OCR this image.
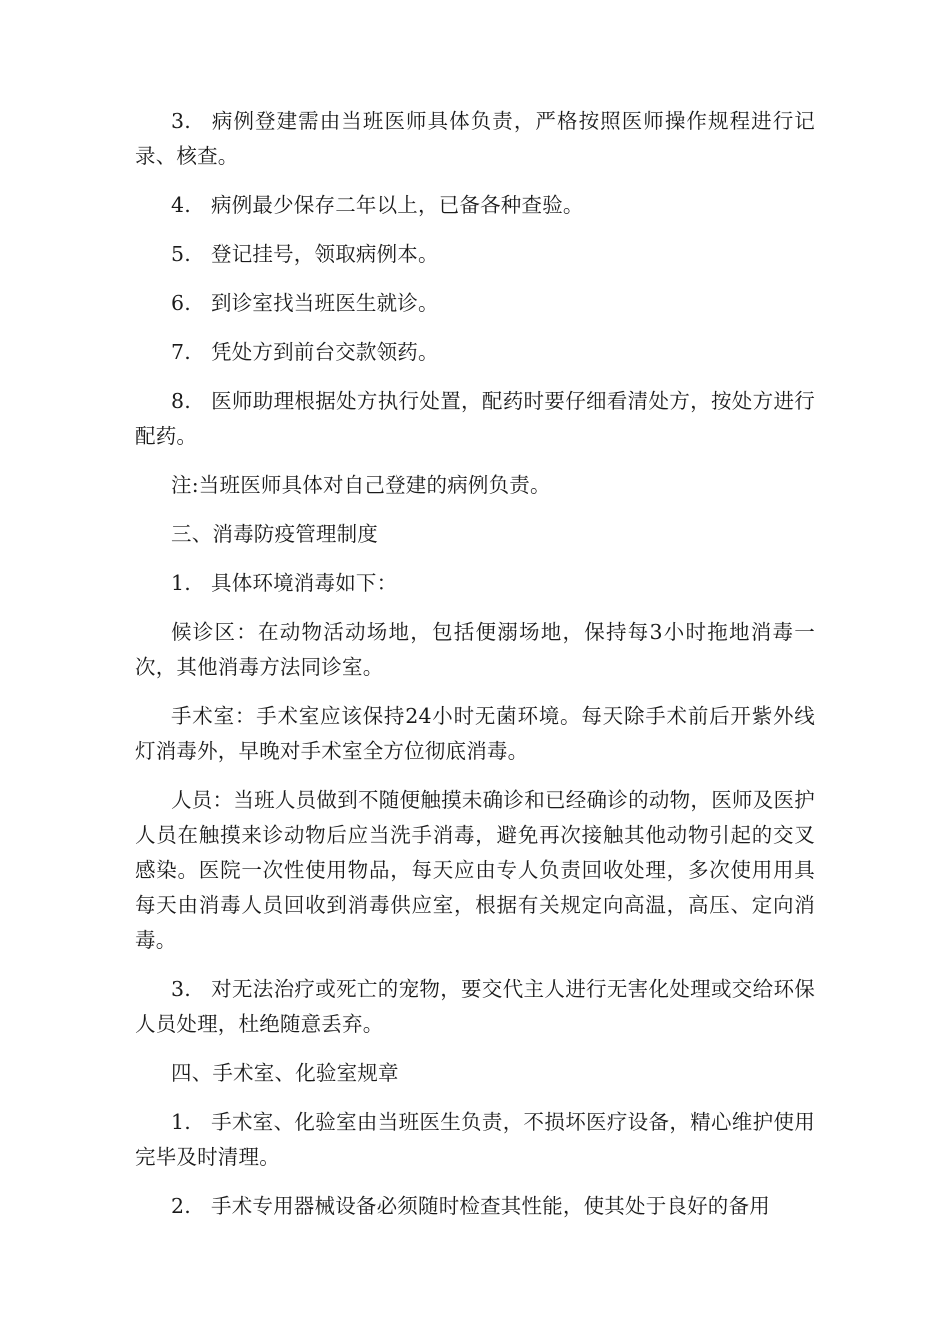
3. 病例登建需由当班医师具体负责，严格按照医师操作规程进行记录、核查。

4. 病例最少保存二年以上，已备各种查验。

5. 登记挂号，领取病例本。

6. 到诊室找当班医生就诊。

7. 凭处方到前台交款领药。

8. 医师助理根据处方执行处置，配药时要仔细看清处方，按处方进行配药。

注:当班医师具体对自己登建的病例负责。

三、消毒防疫管理制度

1. 具体环境消毒如下：

候诊区：在动物活动场地，包括便溺场地，保持每3小时拖地消毒一次，其他消毒方法同诊室。

手术室：手术室应该保持24小时无菌环境。每天除手术前后开紫外线灯消毒外，早晚对手术室全方位彻底消毒。

人员：当班人员做到不随便触摸未确诊和已经确诊的动物，医师及医护人员在触摸来诊动物后应当洗手消毒，避免再次接触其他动物引起的交叉感染。医院一次性使用物品，每天应由专人负责回收处理，多次使用用具每天由消毒人员回收到消毒供应室，根据有关规定向高温，高压、定向消毒。

3. 对无法治疗或死亡的宠物，要交代主人进行无害化处理或交给环保人员处理，杜绝随意丢弃。

四、手术室、化验室规章

1. 手术室、化验室由当班医生负责，不损坏医疗设备，精心维护使用完毕及时清理。

2. 手术专用器械设备必须随时检查其性能，使其处于良好的备用
